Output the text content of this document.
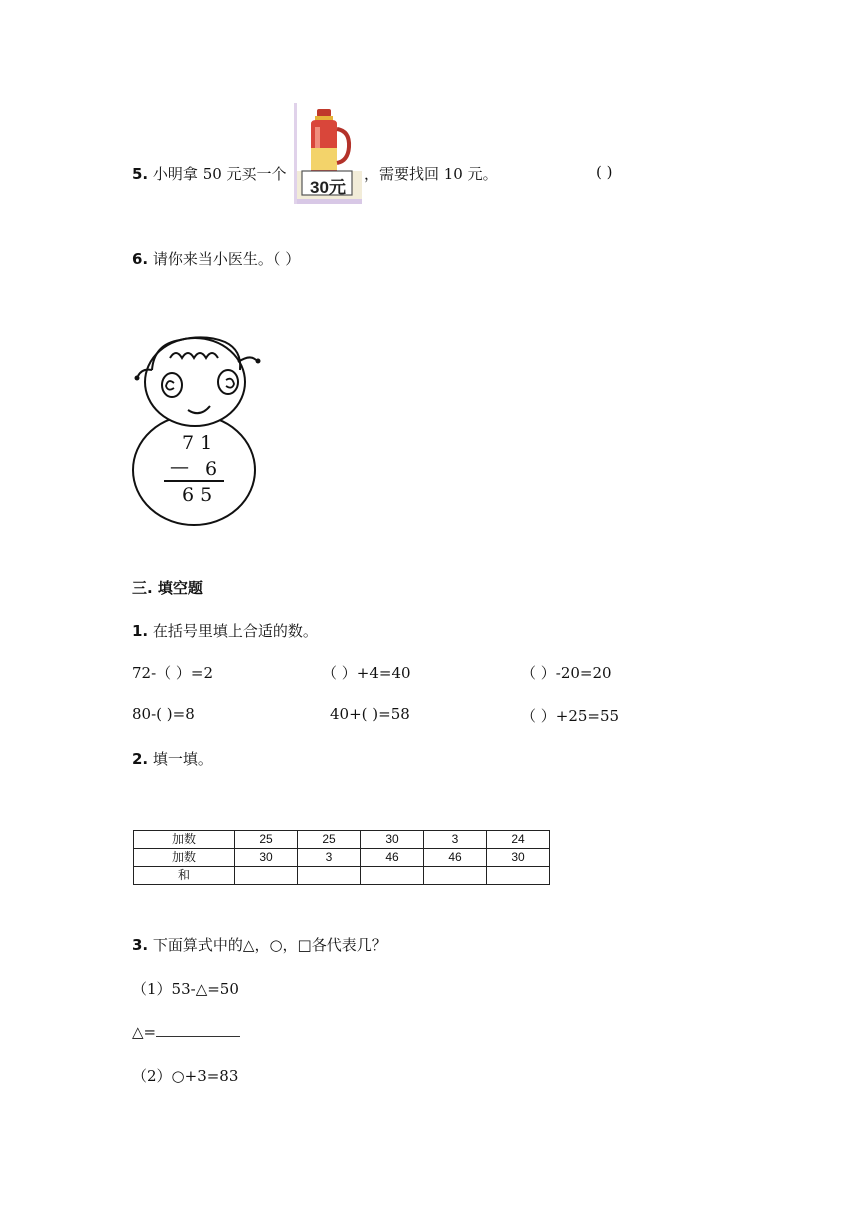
5. 小明拿 50 元买一个
30元
，需要找回 10 元。	( )
6. 请你来当小医生。（ ）
7 1
— 6
6 5
三. 填空题
1. 在括号里填上合适的数。
72-（ ）=2	（ ）+4=40	（ ）-20=20
80-( )=8	40+( )=58	（ ）+25=55
2. 填一填。
加数	25	25	30	3	24
加数	30	3	46	46	30
和					
3. 下面算式中的△，○，□各代表几？
（1）53-△=50
△=
（2）○+3=83
